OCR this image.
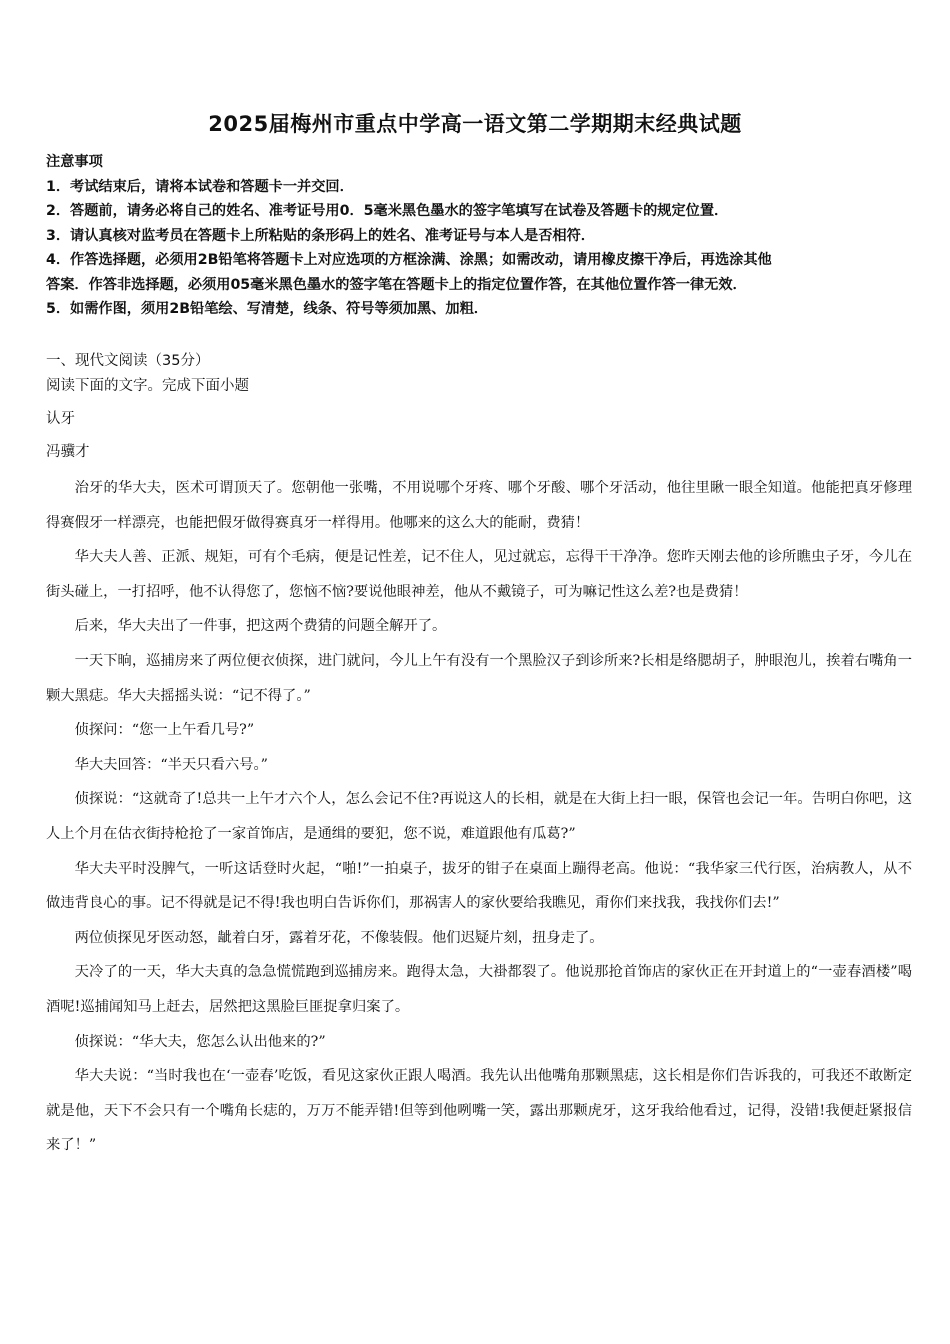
2025届梅州市重点中学高一语文第二学期期末经典试题
注意事项
1．考试结束后，请将本试卷和答题卡一并交回．
2．答题前，请务必将自己的姓名、准考证号用0．5毫米黑色墨水的签字笔填写在试卷及答题卡的规定位置．
3．请认真核对监考员在答题卡上所粘贴的条形码上的姓名、准考证号与本人是否相符．
4．作答选择题，必须用2B铅笔将答题卡上对应选项的方框涂满、涂黑；如需改动，请用橡皮擦干净后，再选涂其他
答案．作答非选择题，必须用05毫米黑色墨水的签字笔在答题卡上的指定位置作答，在其他位置作答一律无效．
5．如需作图，须用2B铅笔绘、写清楚，线条、符号等须加黑、加粗．
一、现代文阅读（35分）
阅读下面的文字。完成下面小题
认牙
冯骥才

治牙的华大夫，医术可谓顶天了。您朝他一张嘴，不用说哪个牙疼、哪个牙酸、哪个牙活动，他往里瞅一眼全知道。他能把真牙修理得赛假牙一样漂亮，也能把假牙做得赛真牙一样得用。他哪来的这么大的能耐，费猜！

华大夫人善、正派、规矩，可有个毛病，便是记性差，记不住人，见过就忘，忘得干干净净。您昨天刚去他的诊所瞧虫子牙，今儿在街头碰上，一打招呼，他不认得您了，您恼不恼?要说他眼神差，他从不戴镜子，可为嘛记性这么差?也是费猜！

后来，华大夫出了一件事，把这两个费猜的问题全解开了。

一天下晌，巡捕房来了两位便衣侦探，进门就问，今儿上午有没有一个黑脸汉子到诊所来?长相是络腮胡子，肿眼泡儿，挨着右嘴角一颗大黑痣。华大夫摇摇头说：“记不得了。”

侦探问：“您一上午看几号?”

华大夫回答：“半天只看六号。”

侦探说：“这就奇了!总共一上午才六个人，怎么会记不住?再说这人的长相，就是在大街上扫一眼，保管也会记一年。告明白你吧，这人上个月在估衣街持枪抢了一家首饰店，是通缉的要犯，您不说，难道跟他有瓜葛?”

华大夫平时没脾气，一听这话登时火起，“啪!”一拍桌子，拔牙的钳子在桌面上蹦得老高。他说：“我华家三代行医，治病教人，从不做违背良心的事。记不得就是记不得!我也明白告诉你们，那祸害人的家伙要给我瞧见，甭你们来找我，我找你们去!”

两位侦探见牙医动怒，龇着白牙，露着牙花，不像装假。他们迟疑片刻，扭身走了。

天冷了的一天，华大夫真的急急慌慌跑到巡捕房来。跑得太急，大褂都裂了。他说那抢首饰店的家伙正在开封道上的“一壶春酒楼”喝酒呢!巡捕闻知马上赶去，居然把这黑脸巨匪捉拿归案了。

侦探说：“华大夫，您怎么认出他来的?”

华大夫说：“当时我也在‘一壶春’吃饭，看见这家伙正跟人喝酒。我先认出他嘴角那颗黑痣，这长相是你们告诉我的，可我还不敢断定就是他，天下不会只有一个嘴角长痣的，万万不能弄错!但等到他咧嘴一笑，露出那颗虎牙，这牙我给他看过，记得，没错!我便赶紧报信来了！”
